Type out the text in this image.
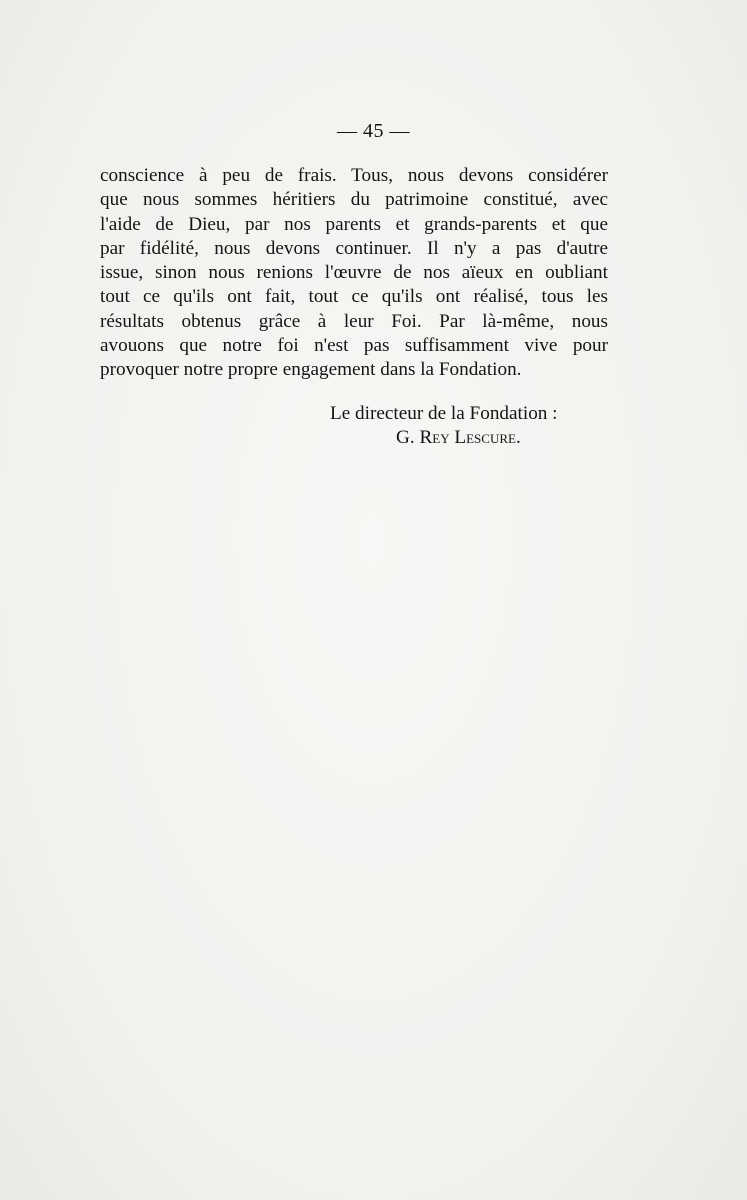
— 45 —
conscience à peu de frais. Tous, nous devons considérer
que nous sommes héritiers du patrimoine constitué, avec
l'aide de Dieu, par nos parents et grands-parents et que
par fidélité, nous devons continuer. Il n'y a pas d'autre
issue, sinon nous renions l'œuvre de nos aïeux en oubliant
tout ce qu'ils ont fait, tout ce qu'ils ont réalisé, tous les
résultats obtenus grâce à leur Foi. Par là-même, nous
avouons que notre foi n'est pas suffisamment vive pour
provoquer notre propre engagement dans la Fondation.
Le directeur de la Fondation :
G. Rey Lescure.
